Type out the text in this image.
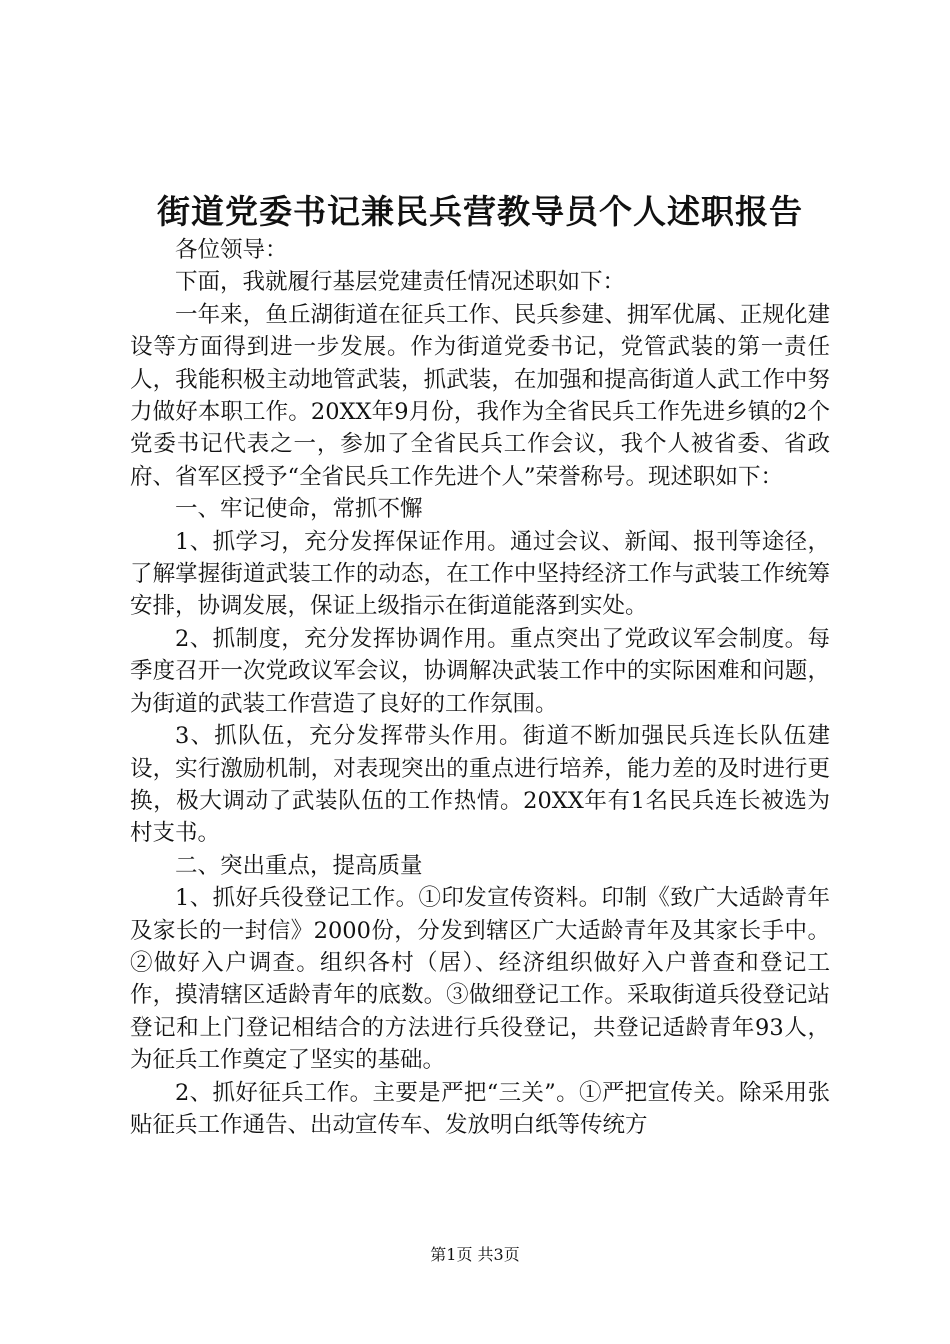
街道党委书记兼民兵营教导员个人述职报告

各位领导：

下面，我就履行基层党建责任情况述职如下：

一年来，鱼丘湖街道在征兵工作、民兵参建、拥军优属、正规化建设等方面得到进一步发展。作为街道党委书记，党管武装的第一责任人，我能积极主动地管武装，抓武装，在加强和提高街道人武工作中努力做好本职工作。20XX年9月份，我作为全省民兵工作先进乡镇的2个党委书记代表之一，参加了全省民兵工作会议，我个人被省委、省政府、省军区授予“全省民兵工作先进个人”荣誉称号。现述职如下：

一、牢记使命，常抓不懈

1、抓学习，充分发挥保证作用。通过会议、新闻、报刊等途径，了解掌握街道武装工作的动态，在工作中坚持经济工作与武装工作统筹安排，协调发展，保证上级指示在街道能落到实处。

2、抓制度，充分发挥协调作用。重点突出了党政议军会制度。每季度召开一次党政议军会议，协调解决武装工作中的实际困难和问题，为街道的武装工作营造了良好的工作氛围。

3、抓队伍，充分发挥带头作用。街道不断加强民兵连长队伍建设，实行激励机制，对表现突出的重点进行培养，能力差的及时进行更换，极大调动了武装队伍的工作热情。20XX年有1名民兵连长被选为村支书。

二、突出重点，提高质量

1、抓好兵役登记工作。①印发宣传资料。印制《致广大适龄青年及家长的一封信》2000份，分发到辖区广大适龄青年及其家长手中。②做好入户调查。组织各村（居）、经济组织做好入户普查和登记工作，摸清辖区适龄青年的底数。③做细登记工作。采取街道兵役登记站登记和上门登记相结合的方法进行兵役登记，共登记适龄青年93人，为征兵工作奠定了坚实的基础。

2、抓好征兵工作。主要是严把“三关”。①严把宣传关。除采用张贴征兵工作通告、出动宣传车、发放明白纸等传统方

第1页 共3页
